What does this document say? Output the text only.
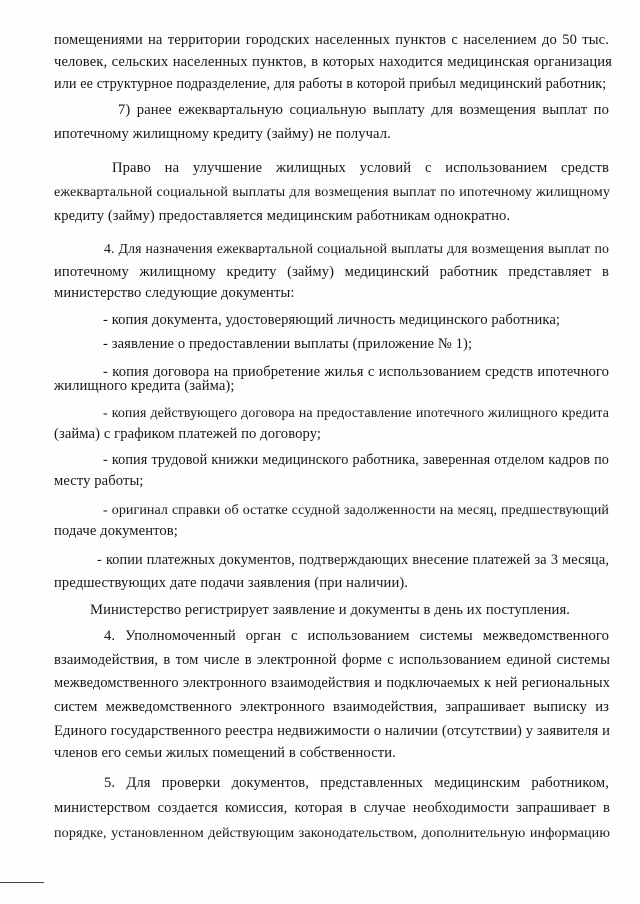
помещениями на территории городских населенных пунктов с населением до 50 тыс.
человек, сельских населенных пунктов, в которых находится медицинская организация
или ее структурное подразделение, для работы в которой прибыл медицинский работник;
7) ранее ежеквартальную социальную выплату для возмещения выплат по
ипотечному жилищному кредиту (займу) не получал.
Право на улучшение жилищных условий с использованием средств
ежеквартальной социальной выплаты для возмещения выплат по ипотечному жилищному
кредиту (займу) предоставляется медицинским работникам однократно.
4. Для назначения ежеквартальной социальной выплаты для возмещения выплат по
ипотечному жилищному кредиту (займу) медицинский работник представляет в
министерство следующие документы:
- копия документа, удостоверяющий личность медицинского работника;
- заявление о предоставлении выплаты (приложение № 1);
- копия договора на приобретение жилья с использованием средств ипотечного
жилищного кредита (займа);
- копия действующего договора на предоставление ипотечного жилищного кредита
(займа) с графиком платежей по договору;
- копия трудовой книжки медицинского работника, заверенная отделом кадров по
месту работы;
- оригинал справки об остатке ссудной задолженности на месяц, предшествующий
подаче документов;
- копии платежных документов, подтверждающих внесение платежей за 3 месяца,
предшествующих дате подачи заявления (при наличии).
Министерство регистрирует заявление и документы в день их поступления.
4. Уполномоченный орган с использованием системы межведомственного
взаимодействия, в том числе в электронной форме с использованием единой системы
межведомственного электронного взаимодействия и подключаемых к ней региональных
систем межведомственного электронного взаимодействия, запрашивает выписку из
Единого государственного реестра недвижимости о наличии (отсутствии) у заявителя и
членов его семьи жилых помещений в собственности.
5. Для проверки документов, представленных медицинским работником,
министерством создается комиссия, которая в случае необходимости запрашивает в
порядке, установленном действующим законодательством, дополнительную информацию
